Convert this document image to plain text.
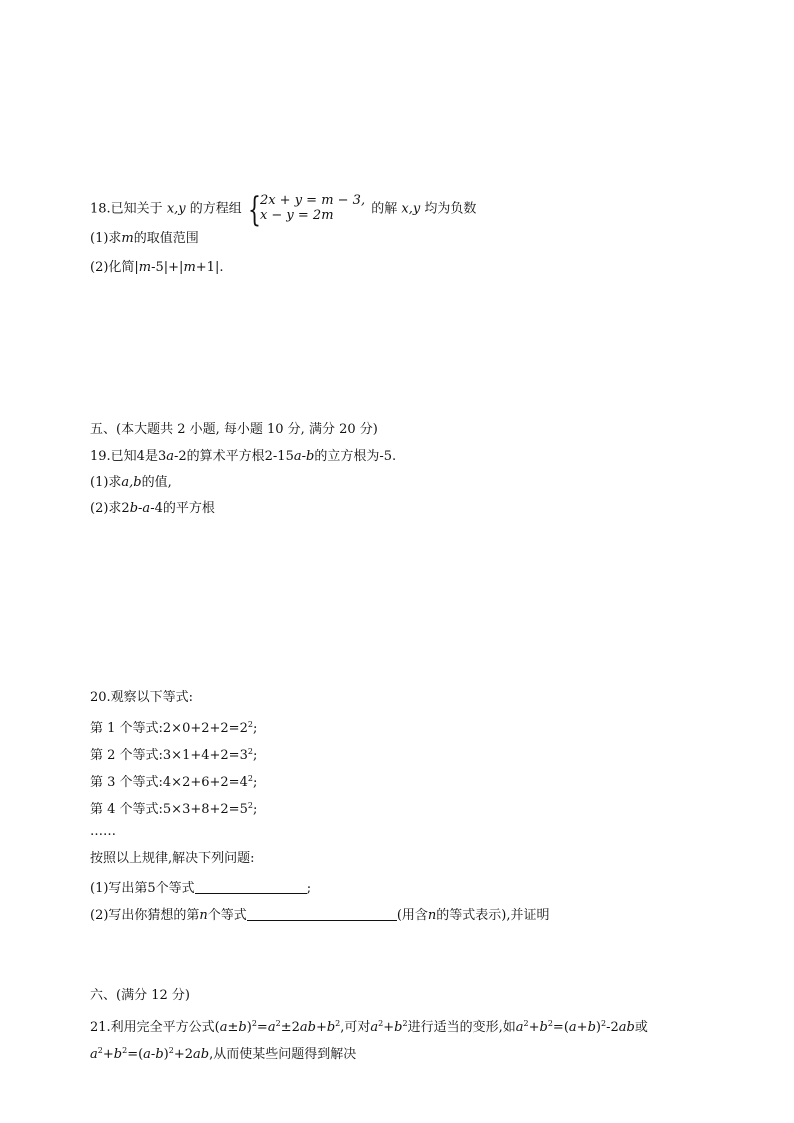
18.已知关于 x,y 的方程组 { 2x + y = m − 3,
x − y = 2m	的解 x,y 均为负数
(1)求m的取值范围
(2)化简|m-5|+|m+1|.
五、(本大题共 2 小题, 每小题 10 分, 满分 20 分)
19.已知4是3a-2的算术平方根2-15a-b的立方根为-5.
(1)求a,b的值,
(2)求2b-a-4的平方根
20.观察以下等式:
第 1 个等式$:2\times 0+2+2=2^2$;
第 2 个等式$:3\times 1+4+2=3^2$;
第 3 个等式$:4\times 2+6+2=4^2$;
第 4 个等式$:5\times 3+8+2=5^2$;
……
按照以上规律,解决下列问题:
(1)写出第5个等式	;
(2)写出你猜想的第n个等式	(用含n的等式表示),并证明
六、(满分 12 分)
21.利用完全平方公式$(a\pm b)^2=a^2\pm 2ab+b^2$,可对$a^2+b^2$进行适当的变形,如$a^2+b^2=(a+b)^2-2ab$或
$a^2+b^2=(a-b)^2+2ab$,从而使某些问题得到解决
